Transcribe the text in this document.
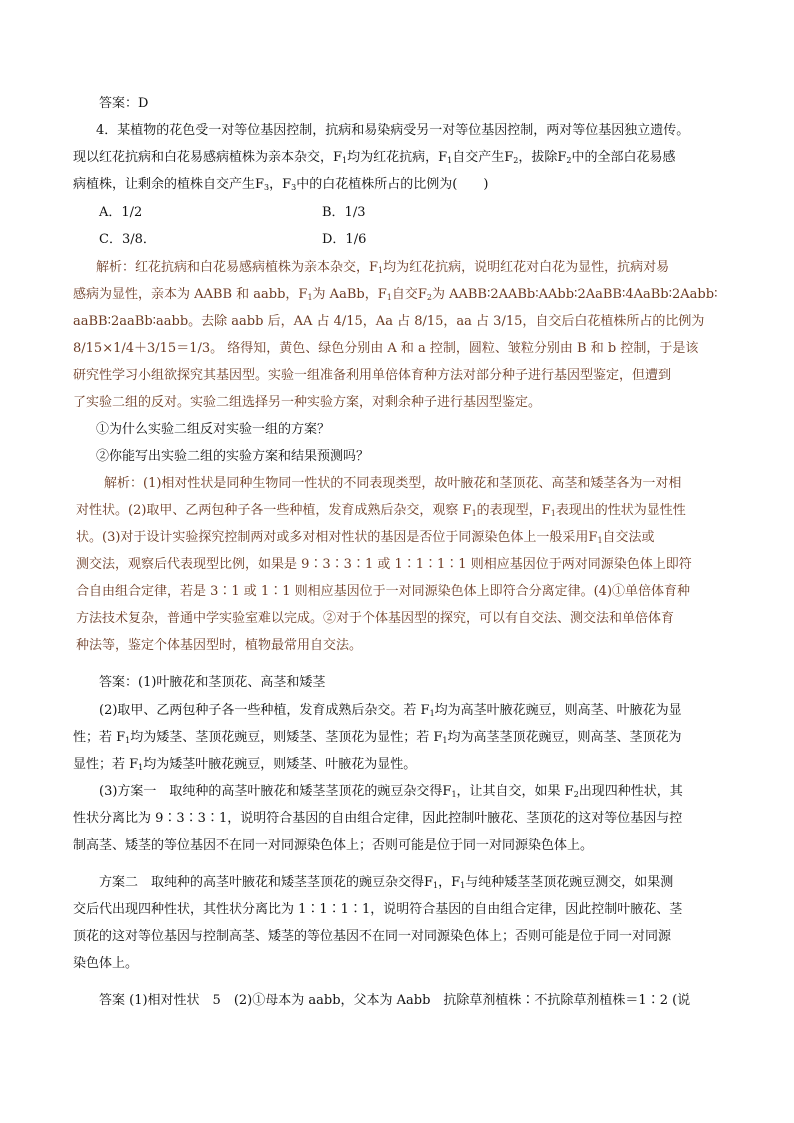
答案：D
4．某植物的花色受一对等位基因控制，抗病和易染病受另一对等位基因控制，两对等位基因独立遗传。
现以红花抗病和白花易感病植株为亲本杂交，$F_1$均为红花抗病，$F_1$自交产生$F_2$，拔除$F_2$中的全部白花易感
病植株，让剩余的植株自交产生$F_3$，$F_3$中的白花植株所占的比例为(　　)
A．1/2	B．1/3
C．3/8．	D．1/6
解析：红花抗病和白花易感病植株为亲本杂交，$F_1$均为红花抗病，说明红花对白花为显性，抗病对易
感病为显性，亲本为 AABB 和 aabb，$F_1$为 AaBb，$F_1$自交$F_2$为 AABB∶2AABb∶AAbb∶2AaBB∶4AaBb∶2Aabb∶
aaBB∶2aaBb∶aabb。去除 aabb 后，AA 占 4/15，Aa 占 8/15，aa 占 3/15，自交后白花植株所占的比例为
8/15×1/4＋3/15＝1/3。 络得知，黄色、绿色分别由 A 和 a 控制，圆粒、皱粒分别由 B 和 b 控制，于是该
研究性学习小组欲探究其基因型。实验一组准备利用单倍体育种方法对部分种子进行基因型鉴定，但遭到
了实验二组的反对。实验二组选择另一种实验方案，对剩余种子进行基因型鉴定。
①为什么实验二组反对实验一组的方案？
②你能写出实验二组的实验方案和结果预测吗？
解析：(1)相对性状是同种生物同一性状的不同表现类型，故叶腋花和茎顶花、高茎和矮茎各为一对相
对性状。(2)取甲、乙两包种子各一些种植，发育成熟后杂交，观察 $F_1$的表现型，$F_1$表现出的性状为显性性
状。(3)对于设计实验探究控制两对或多对相对性状的基因是否位于同源染色体上一般采用$F_1$自交法或
测交法，观察后代表现型比例，如果是 9∶3∶3∶1 或 1∶1∶1∶1 则相应基因位于两对同源染色体上即符
合自由组合定律，若是 3∶1 或 1∶1 则相应基因位于一对同源染色体上即符合分离定律。(4)①单倍体育种
方法技术复杂，普通中学实验室难以完成。②对于个体基因型的探究，可以有自交法、测交法和单倍体育
种法等，鉴定个体基因型时，植物最常用自交法。
答案：(1)叶腋花和茎顶花、高茎和矮茎
(2)取甲、乙两包种子各一些种植，发育成熟后杂交。若 $F_1$均为高茎叶腋花豌豆，则高茎、叶腋花为显
性；若 $F_1$均为矮茎、茎顶花豌豆，则矮茎、茎顶花为显性；若 $F_1$均为高茎茎顶花豌豆，则高茎、茎顶花为
显性；若 $F_1$均为矮茎叶腋花豌豆，则矮茎、叶腋花为显性。
(3)方案一　取纯种的高茎叶腋花和矮茎茎顶花的豌豆杂交得$F_1$，让其自交，如果 $F_2$出现四种性状，其
性状分离比为 9∶3∶3∶1，说明符合基因的自由组合定律，因此控制叶腋花、茎顶花的这对等位基因与控
制高茎、矮茎的等位基因不在同一对同源染色体上；否则可能是位于同一对同源染色体上。
方案二　取纯种的高茎叶腋花和矮茎茎顶花的豌豆杂交得$F_1$，$F_1$与纯种矮茎茎顶花豌豆测交，如果测
交后代出现四种性状，其性状分离比为 1∶1∶1∶1，说明符合基因的自由组合定律，因此控制叶腋花、茎
顶花的这对等位基因与控制高茎、矮茎的等位基因不在同一对同源染色体上；否则可能是位于同一对同源
染色体上。
答案 (1)相对性状　5　(2)①母本为 aabb，父本为 Aabb　抗除草剂植株∶不抗除草剂植株＝1∶2 (说
